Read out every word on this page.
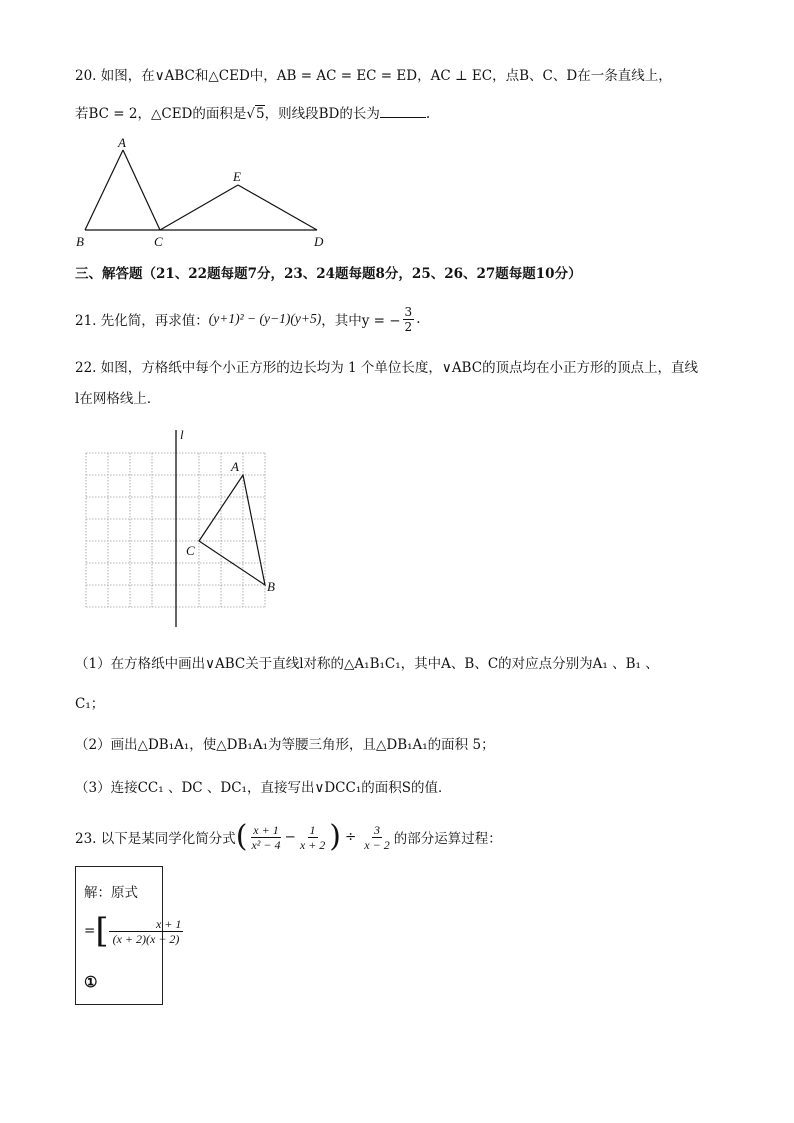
20. 如图，在∨ABC和△CED中，AB = AC = EC = ED，AC ⊥ EC，点B、C、D在一条直线上，
若BC = 2，△CED的面积是√5，则线段BD的长为	.
A
B	C	D
E
三、解答题（21、22题每题7分，23、24题每题8分，25、26、27题每题10分）
21. 先化简，再求值： (y+1)² − (y−1)(y+5) ，其中y = − $\frac{3}{2}$ .
22. 如图，方格纸中每个小正方形的边长均为 1 个单位长度，∨ABC的顶点均在小正方形的顶点上，直线
l在网格线上．
l
A
B
C
（1）在方格纸中画出∨ABC关于直线l对称的△A₁B₁C₁，其中A、B、C的对应点分别为A₁ 、B₁ 、
C₁；
（2）画出△DB₁A₁，使△DB₁A₁为等腰三角形，且△DB₁A₁的面积 5；
（3）连接CC₁ 、DC 、DC₁，直接写出∨DCC₁的面积S的值．
23. 以下是某同学化简分式 ( $\frac{x + 1}{\text{x² − 4}} - \frac{1}{x + 2}$ ) ÷ $\frac{3}{x - 2}$ 的部分运算过程：
解：原式
= [ $\frac{x + 1}{(x + 2)(x - 2)}$
①
